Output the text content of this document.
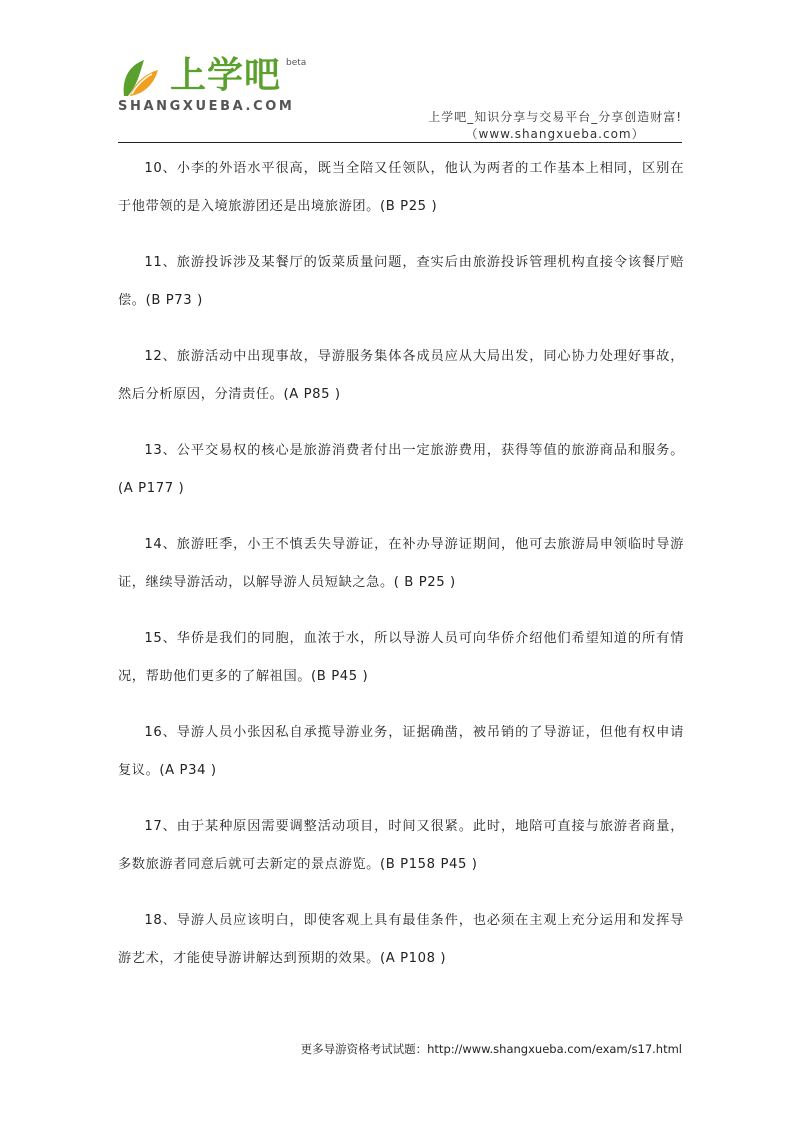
上学吧 beta
SHANGXUEBA.COM
上学吧_知识分享与交易平台_分享创造财富!
（www.shangxueba.com）

10、小李的外语水平很高，既当全陪又任领队，他认为两者的工作基本上相同，区别在于他带领的是入境旅游团还是出境旅游团。(B P25 )

11、旅游投诉涉及某餐厅的饭菜质量问题，查实后由旅游投诉管理机构直接令该餐厅赔偿。(B P73 )

12、旅游活动中出现事故，导游服务集体各成员应从大局出发，同心协力处理好事故，然后分析原因，分清责任。(A P85 )

13、公平交易权的核心是旅游消费者付出一定旅游费用，获得等值的旅游商品和服务。(A P177 )

14、旅游旺季，小王不慎丢失导游证，在补办导游证期间，他可去旅游局申领临时导游证，继续导游活动，以解导游人员短缺之急。( B P25 )

15、华侨是我们的同胞，血浓于水，所以导游人员可向华侨介绍他们希望知道的所有情况，帮助他们更多的了解祖国。(B P45 )

16、导游人员小张因私自承揽导游业务，证据确凿，被吊销的了导游证，但他有权申请复议。(A P34 )

17、由于某种原因需要调整活动项目，时间又很紧。此时，地陪可直接与旅游者商量，多数旅游者同意后就可去新定的景点游览。(B P158 P45 )

18、导游人员应该明白，即使客观上具有最佳条件，也必须在主观上充分运用和发挥导游艺术，才能使导游讲解达到预期的效果。(A P108 )

更多导游资格考试试题：http://www.shangxueba.com/exam/s17.html
